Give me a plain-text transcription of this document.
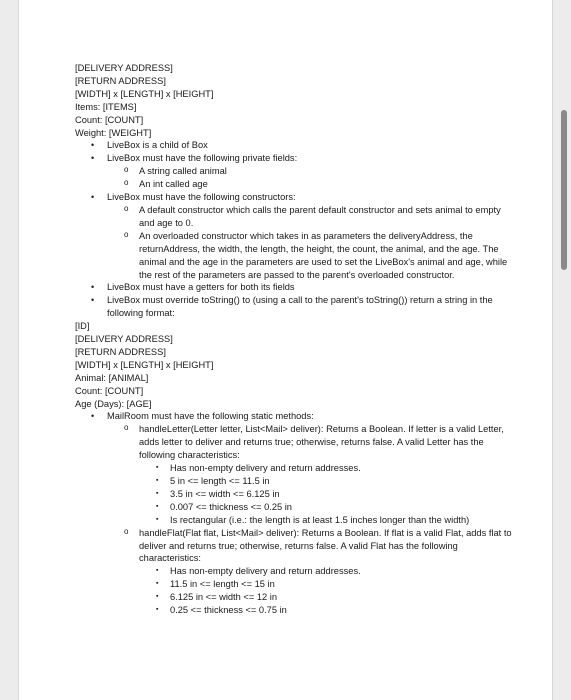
[DELIVERY ADDRESS]

[RETURN ADDRESS]

[WIDTH] x [LENGTH] x [HEIGHT]

Items: [ITEMS]

Count: [COUNT]

Weight: [WEIGHT]

• LiveBox is a child of Box
• LiveBox must have the following private fields:
o A string called animal
o An int called age
• LiveBox must have the following constructors:
o A default constructor which calls the parent default constructor and sets animal to empty and age to 0.
o An overloaded constructor which takes in as parameters the deliveryAddress, the returnAddress, the width, the length, the height, the count, the animal, and the age. The animal and the age in the parameters are used to set the LiveBox's animal and age, while the rest of the parameters are passed to the parent's overloaded constructor.
• LiveBox must have a getters for both its fields
• LiveBox must override toString() to (using a call to the parent's toString()) return a string in the following format:

[ID]

[DELIVERY ADDRESS]

[RETURN ADDRESS]

[WIDTH] x [LENGTH] x [HEIGHT]

Animal: [ANIMAL]

Count: [COUNT]

Age (Days): [AGE]

• MailRoom must have the following static methods:
o handleLetter(Letter letter, List<Mail> deliver): Returns a Boolean. If letter is a valid Letter, adds letter to deliver and returns true; otherwise, returns false. A valid Letter has the following characteristics:
▪ Has non-empty delivery and return addresses.
▪ 5 in <= length <= 11.5 in
▪ 3.5 in <= width <= 6.125 in
▪ 0.007 <= thickness <= 0.25 in
▪ Is rectangular (i.e.: the length is at least 1.5 inches longer than the width)
o handleFlat(Flat flat, List<Mail> deliver): Returns a Boolean. If flat is a valid Flat, adds flat to deliver and returns true; otherwise, returns false. A valid Flat has the following characteristics:
▪ Has non-empty delivery and return addresses.
▪ 11.5 in <= length <= 15 in
▪ 6.125 in <= width <= 12 in
▪ 0.25 <= thickness <= 0.75 in
